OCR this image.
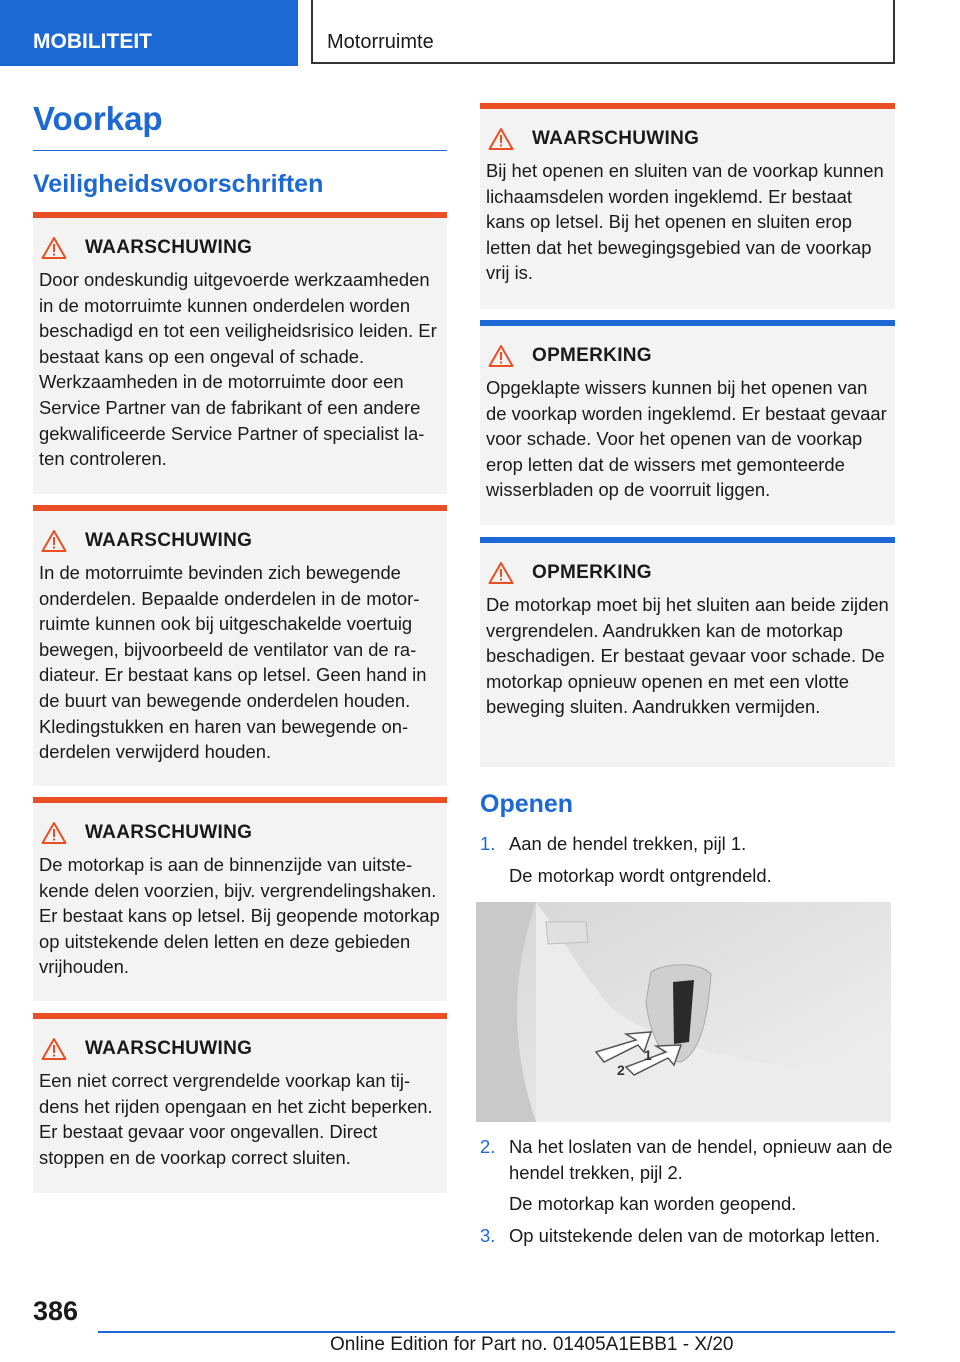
MOBILITEIT	Motorruimte
Voorkap
Veiligheidsvoorschriften
WAARSCHUWING
Door ondeskundig uitgevoerde werkzaamheden in de motorruimte kunnen onderdelen worden beschadigd en tot een veiligheidsrisico leiden. Er bestaat kans op een ongeval of schade. Werkzaamheden in de motorruimte door een Service Partner van de fabrikant of een andere gekwalificeerde Service Partner of specialist laten controleren.
WAARSCHUWING
In de motorruimte bevinden zich bewegende onderdelen. Bepaalde onderdelen in de motorruimte kunnen ook bij uitgeschakelde voertuig bewegen, bijvoorbeeld de ventilator van de radiateur. Er bestaat kans op letsel. Geen hand in de buurt van bewegende onderdelen houden. Kledingstukken en haren van bewegende onderdelen verwijderd houden.
WAARSCHUWING
De motorkap is aan de binnenzijde van uitstekende delen voorzien, bijv. vergrendelingshaken. Er bestaat kans op letsel. Bij geopende motorkap op uitstekende delen letten en deze gebieden vrijhouden.
WAARSCHUWING
Een niet correct vergrendelde voorkap kan tijdens het rijden opengaan en het zicht beperken. Er bestaat gevaar voor ongevallen. Direct stoppen en de voorkap correct sluiten.
WAARSCHUWING
Bij het openen en sluiten van de voorkap kunnen lichaamsdelen worden ingeklemd. Er bestaat kans op letsel. Bij het openen en sluiten erop letten dat het bewegingsgebied van de voorkap vrij is.
OPMERKING
Opgeklapte wissers kunnen bij het openen van de voorkap worden ingeklemd. Er bestaat gevaar voor schade. Voor het openen van de voorkap erop letten dat de wissers met gemonteerde wisserbladen op de voorruit liggen.
OPMERKING
De motorkap moet bij het sluiten aan beide zijden vergrendelen. Aandrukken kan de motorkap beschadigen. Er bestaat gevaar voor schade. De motorkap opnieuw openen en met een vlotte beweging sluiten. Aandrukken vermijden.
Openen
1. Aan de hendel trekken, pijl 1.
De motorkap wordt ontgrendeld.
2
1
2. Na het loslaten van de hendel, opnieuw aan de hendel trekken, pijl 2.
De motorkap kan worden geopend.
3. Op uitstekende delen van de motorkap letten.
386
Online Edition for Part no. 01405A1EBB1 - X/20
